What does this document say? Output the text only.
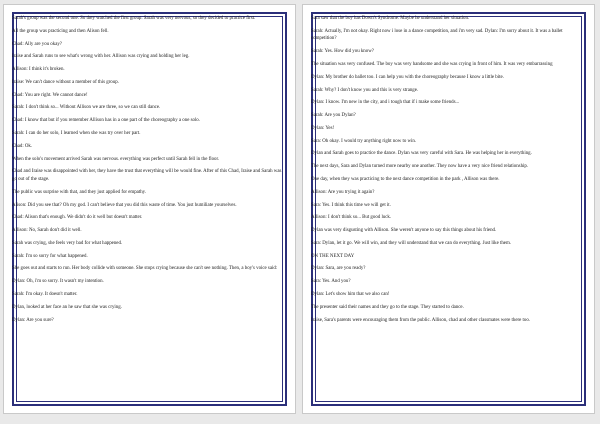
Sarah's group was the second one. So they watched the first group. Sarah was very nervous, so they decided to practice first.

All the group was practicing and then Alison fell.

Chad: Ally are you okay?

Iraise and Sarah runs to see what's wrong with her. Allison was crying and holding her leg.

Allison: I think it's broken.

Iraise: We can't dance without a member of this group.

Chad: You are right. We cannot dance!

Sarah: I don't think so... Without Allison we are three, so we can still dance.

Chad: I know that but if you remember Allison has in a one part of the choreography a one solo.

Sarah: I can do her solo, I learned when she was try over her part.

Chad: Ok.

When the solo's movement arrived Sarah was nervous. everything was perfect until Sarah fell in the floor.

Chad and Iraise was disappointed with her, they have the trust that everything will be would fine. After of this Chad, Iraise and Sarah was go out of the stage.

The public was surprise with that, and they just applied for empathy.

Alison: Did you see that? Oh my god. I can't believe that you did this waste of time. You just humiliate yourselves.

Chad: Alison that's enough. We didn't do it well but doesn't matter.

Allison: No, Sarah don't did it well.

Sarah was crying, she feels very bad for what happened.

Sarah: I'm so sorry for what happened.

She goes out and starts to run. Her body collide with someone. She stops crying because she can't see nothing. Then, a boy's voice said:

Dylan: Oh, i'm so sorry. It wasn't my intention.

Sarah: I'm okay. It doesn't matter.

Dylan, looked at her face an he saw that she was crying.

Dylan: Are you sure?

Sara saw that the boy has Down's Syndrome. Maybe he understand her situation.

Sarah: Actually, I'm not okay. Right now i lose in a dance competition, and i'm very sad. Dylan: I'm sorry about it. It was a ballet competition?

Sarah: Yes. How did you know?

The situation was very confused. The boy was very handsome and she was crying in front of him. It was very embarrassing

Dylan: My brother do ballet too. I can help you with the choreography because I know a little bite.

Sarah: Why? I don't know you and this is very strange.

Dylan: I know. I'm new in the city, and i tough that if i make some friends...

Sarah: Are you Dylan?

Dylan: Yes!

Sara: Oh okay. I would try anything right now to win.

Dylan and Sarah goes to practice the dance. Dylan was very careful with Sara. He was helping her in everything.

The next days, Sara and Dylan turned more nearby one another. They now have a very nice friend relationship.

One day, when they was practicing to the next dance competition in the park , Allison was there.

Allison: Are you trying it again?

Sara: Yes. I think this time we will get it.

Allison: I don't think so... But good luck.

Dylan was very disgusting with Allison. She weren't anyone to say this things about his friend.

Sara: Dylan, let it go. We will win, and they will understand that we can do everything. Just like them.

ON THE NEXT DAY

Dylan: Sara, are you ready?

Sara: Yes. And you?

Dylan: Let's show him that we also can!

The presenter said their names and they go to the stage. They started to dance.

Iraise, Sara's parents were encouraging them from the public. Allison, chad and other classmates were there too.
